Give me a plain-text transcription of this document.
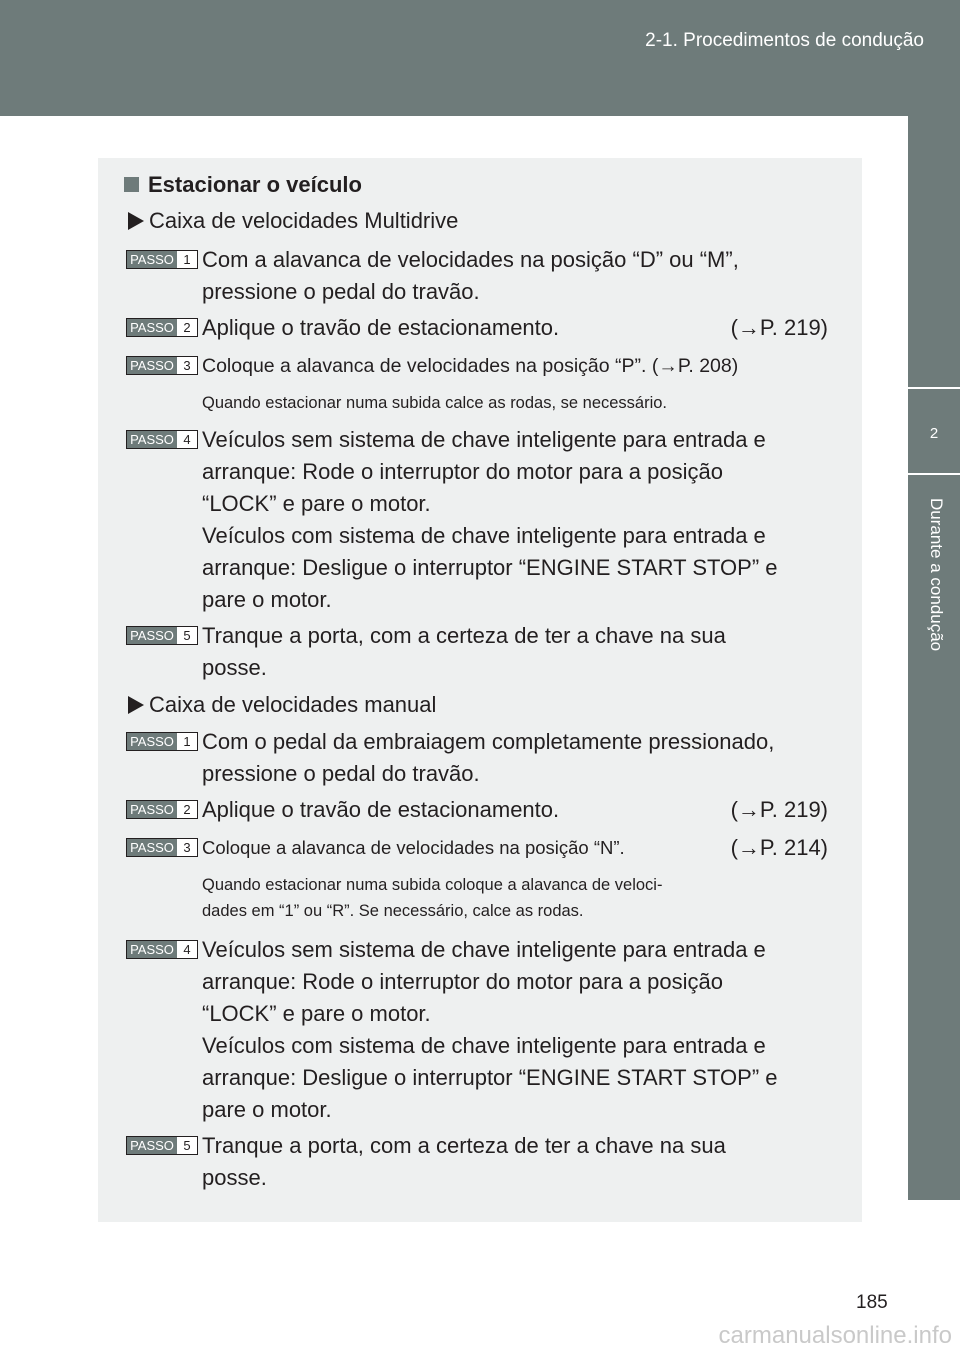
2-1. Procedimentos de condução
2
Durante a condução
Estacionar o veículo
Caixa de velocidades Multidrive
PASSO 1 Com a alavanca de velocidades na posição “D” ou “M”,
pressione o pedal do travão.
PASSO 2 Aplique o travão de estacionamento.	(→P. 219)
PASSO 3 Coloque a alavanca de velocidades na posição “P”. (→P. 208)
Quando estacionar numa subida calce as rodas, se necessário.
PASSO 4 Veículos sem sistema de chave inteligente para entrada e
arranque: Rode o interruptor do motor para a posição
“LOCK” e pare o motor.
Veículos com sistema de chave inteligente para entrada e
arranque: Desligue o interruptor “ENGINE START STOP” e
pare o motor.
PASSO 5 Tranque a porta, com a certeza de ter a chave na sua
posse.
Caixa de velocidades manual
PASSO 1 Com o pedal da embraiagem completamente pressionado,
pressione o pedal do travão.
PASSO 2 Aplique o travão de estacionamento.	(→P. 219)
PASSO 3 Coloque a alavanca de velocidades na posição “N”.	(→P. 214)
Quando estacionar numa subida coloque a alavanca de veloci-
dades em “1” ou “R”. Se necessário, calce as rodas.
PASSO 4 Veículos sem sistema de chave inteligente para entrada e
arranque: Rode o interruptor do motor para a posição
“LOCK” e pare o motor.
Veículos com sistema de chave inteligente para entrada e
arranque: Desligue o interruptor “ENGINE START STOP” e
pare o motor.
PASSO 5 Tranque a porta, com a certeza de ter a chave na sua
posse.
185
carmanualsonline.info
